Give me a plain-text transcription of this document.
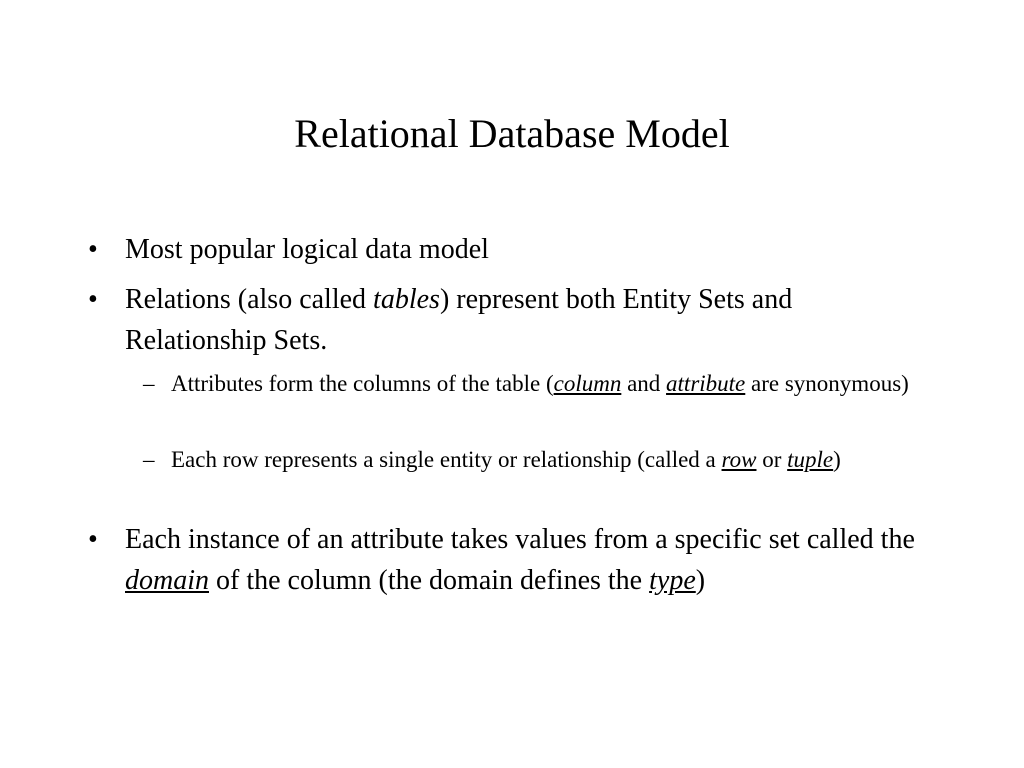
Relational Database Model
• Most popular logical data model
• Relations (also called tables) represent both Entity Sets and Relationship Sets.
– Attributes form the columns of the table (column and attribute are synonymous)
– Each row represents a single entity or relationship (called a row or tuple)
• Each instance of an attribute takes values from a specific set called the domain of the column (the domain defines the type)
